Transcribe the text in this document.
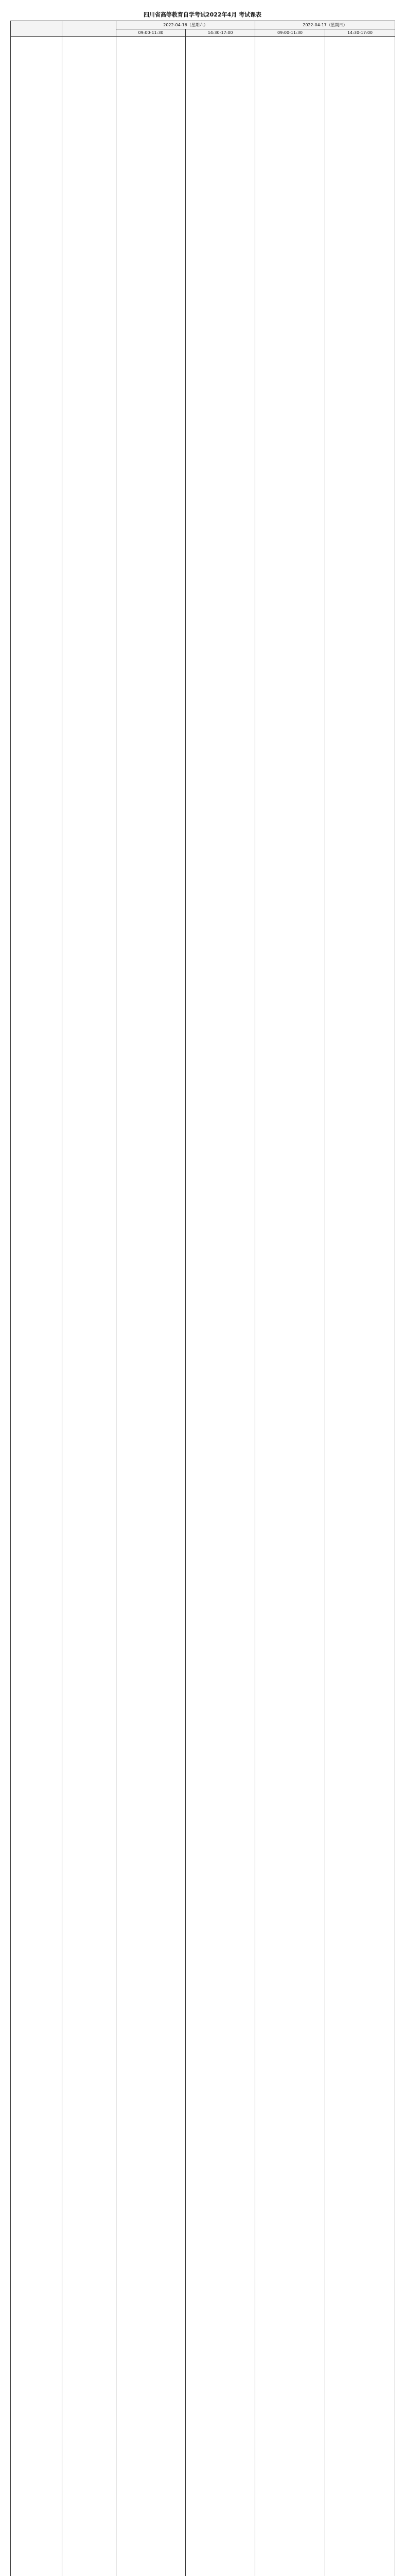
四川省高等教育自学考试2022年4月 考试课表
		2022-04-16（星期六）		2022-04-17（星期日）	
		09:00-11:30	14:30-17:00	09:00-11:30	14:30-17:00
